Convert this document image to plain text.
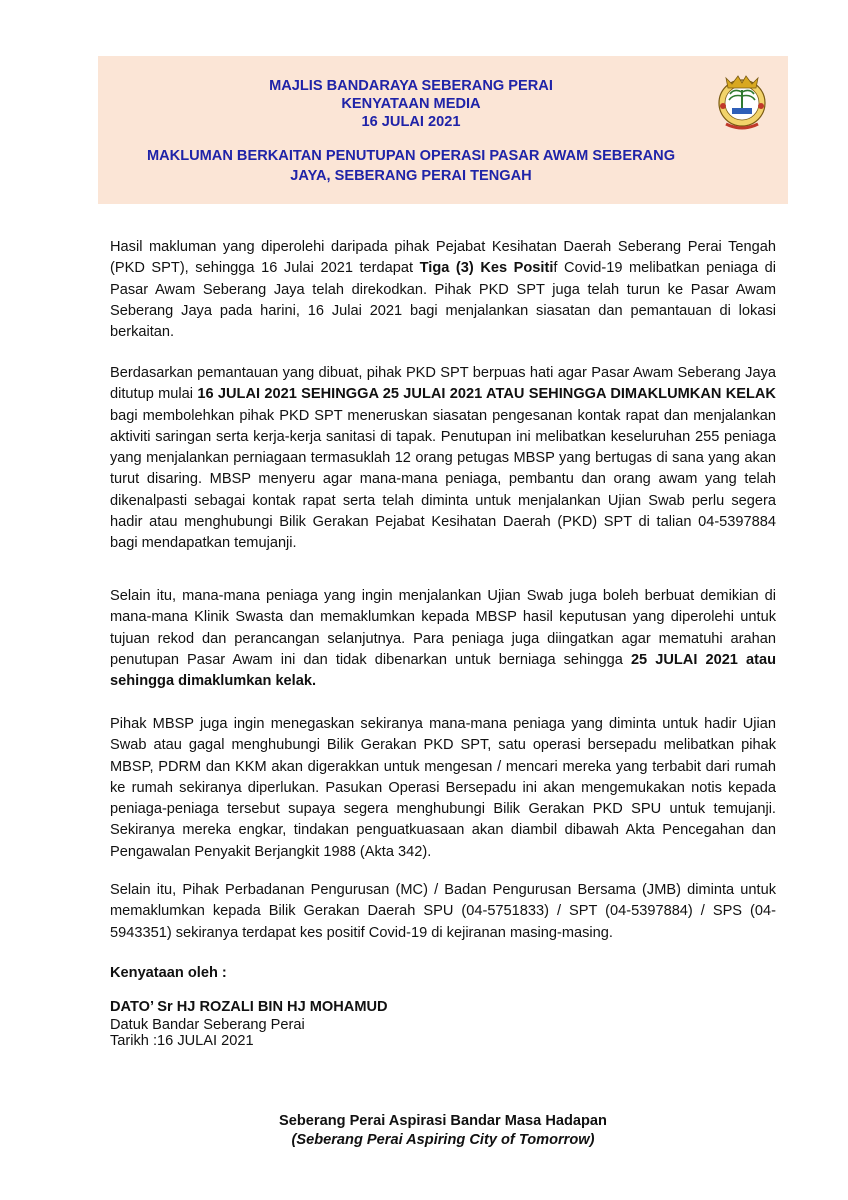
MAJLIS BANDARAYA SEBERANG PERAI
KENYATAAN MEDIA
16 JULAI 2021
MAKLUMAN BERKAITAN PENUTUPAN OPERASI PASAR AWAM SEBERANG
JAYA, SEBERANG PERAI TENGAH
Hasil makluman yang diperolehi daripada pihak Pejabat Kesihatan Daerah Seberang Perai Tengah (PKD SPT), sehingga 16 Julai 2021 terdapat Tiga (3) Kes Positif Covid-19 melibatkan peniaga di Pasar Awam Seberang Jaya telah direkodkan. Pihak PKD SPT juga telah turun ke Pasar Awam Seberang Jaya pada harini, 16 Julai 2021 bagi menjalankan siasatan dan pemantauan di lokasi berkaitan.
Berdasarkan pemantauan yang dibuat, pihak PKD SPT berpuas hati agar Pasar Awam Seberang Jaya ditutup mulai 16 JULAI 2021 SEHINGGA 25 JULAI 2021 ATAU SEHINGGA DIMAKLUMKAN KELAK bagi membolehkan pihak PKD SPT meneruskan siasatan pengesanan kontak rapat dan menjalankan aktiviti saringan serta kerja-kerja sanitasi di tapak. Penutupan ini melibatkan keseluruhan 255 peniaga yang menjalankan perniagaan termasuklah 12 orang petugas MBSP yang bertugas di sana yang akan turut disaring. MBSP menyeru agar mana-mana peniaga, pembantu dan orang awam yang telah dikenalpasti sebagai kontak rapat serta telah diminta untuk menjalankan Ujian Swab perlu segera hadir atau menghubungi Bilik Gerakan Pejabat Kesihatan Daerah (PKD) SPT di talian 04-5397884 bagi mendapatkan temujanji.
Selain itu, mana-mana peniaga yang ingin menjalankan Ujian Swab juga boleh berbuat demikian di mana-mana Klinik Swasta dan memaklumkan kepada MBSP hasil keputusan yang diperolehi untuk tujuan rekod dan perancangan selanjutnya. Para peniaga juga diingatkan agar mematuhi arahan penutupan Pasar Awam ini dan tidak dibenarkan untuk berniaga sehingga 25 JULAI 2021 atau sehingga dimaklumkan kelak.
Pihak MBSP juga ingin menegaskan sekiranya mana-mana peniaga yang diminta untuk hadir Ujian Swab atau gagal menghubungi Bilik Gerakan PKD SPT, satu operasi bersepadu melibatkan pihak MBSP, PDRM dan KKM akan digerakkan untuk mengesan / mencari mereka yang terbabit dari rumah ke rumah sekiranya diperlukan. Pasukan Operasi Bersepadu ini akan mengemukakan notis kepada peniaga-peniaga tersebut supaya segera menghubungi Bilik Gerakan PKD SPU untuk temujanji. Sekiranya mereka engkar, tindakan penguatkuasaan akan diambil dibawah Akta Pencegahan dan Pengawalan Penyakit Berjangkit 1988 (Akta 342).
Selain itu, Pihak Perbadanan Pengurusan (MC) / Badan Pengurusan Bersama (JMB) diminta untuk memaklumkan kepada Bilik Gerakan Daerah SPU (04-5751833) / SPT (04-5397884) / SPS (04-5943351) sekiranya terdapat kes positif Covid-19 di kejiranan masing-masing.
Kenyataan oleh :
DATO’ Sr HJ ROZALI BIN HJ MOHAMUD
Datuk Bandar Seberang Perai
Tarikh :16 JULAI 2021
Seberang Perai Aspirasi Bandar Masa Hadapan
(Seberang Perai Aspiring City of Tomorrow)
